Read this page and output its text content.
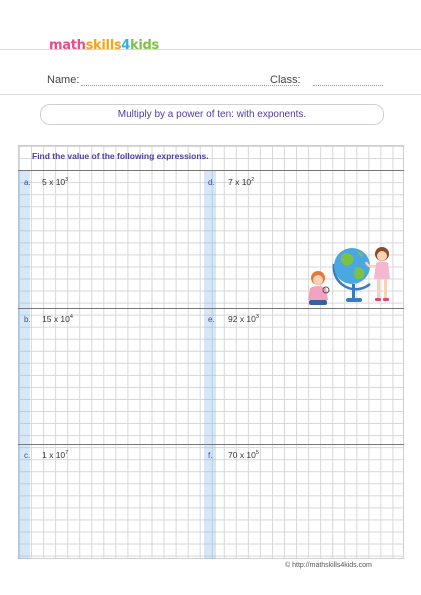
mathskills4kids
Name:	Class:
Multiply by a power of ten: with exponents.
Find the value of the following expressions.
a. 5 x $10^3$	d. 7 x $10^2$
b. 15 x $10^4$	e. 92 x $10^3$
c. 1 x $10^7$	f. 70 x $10^5$
© http://mathskills4kids.com
